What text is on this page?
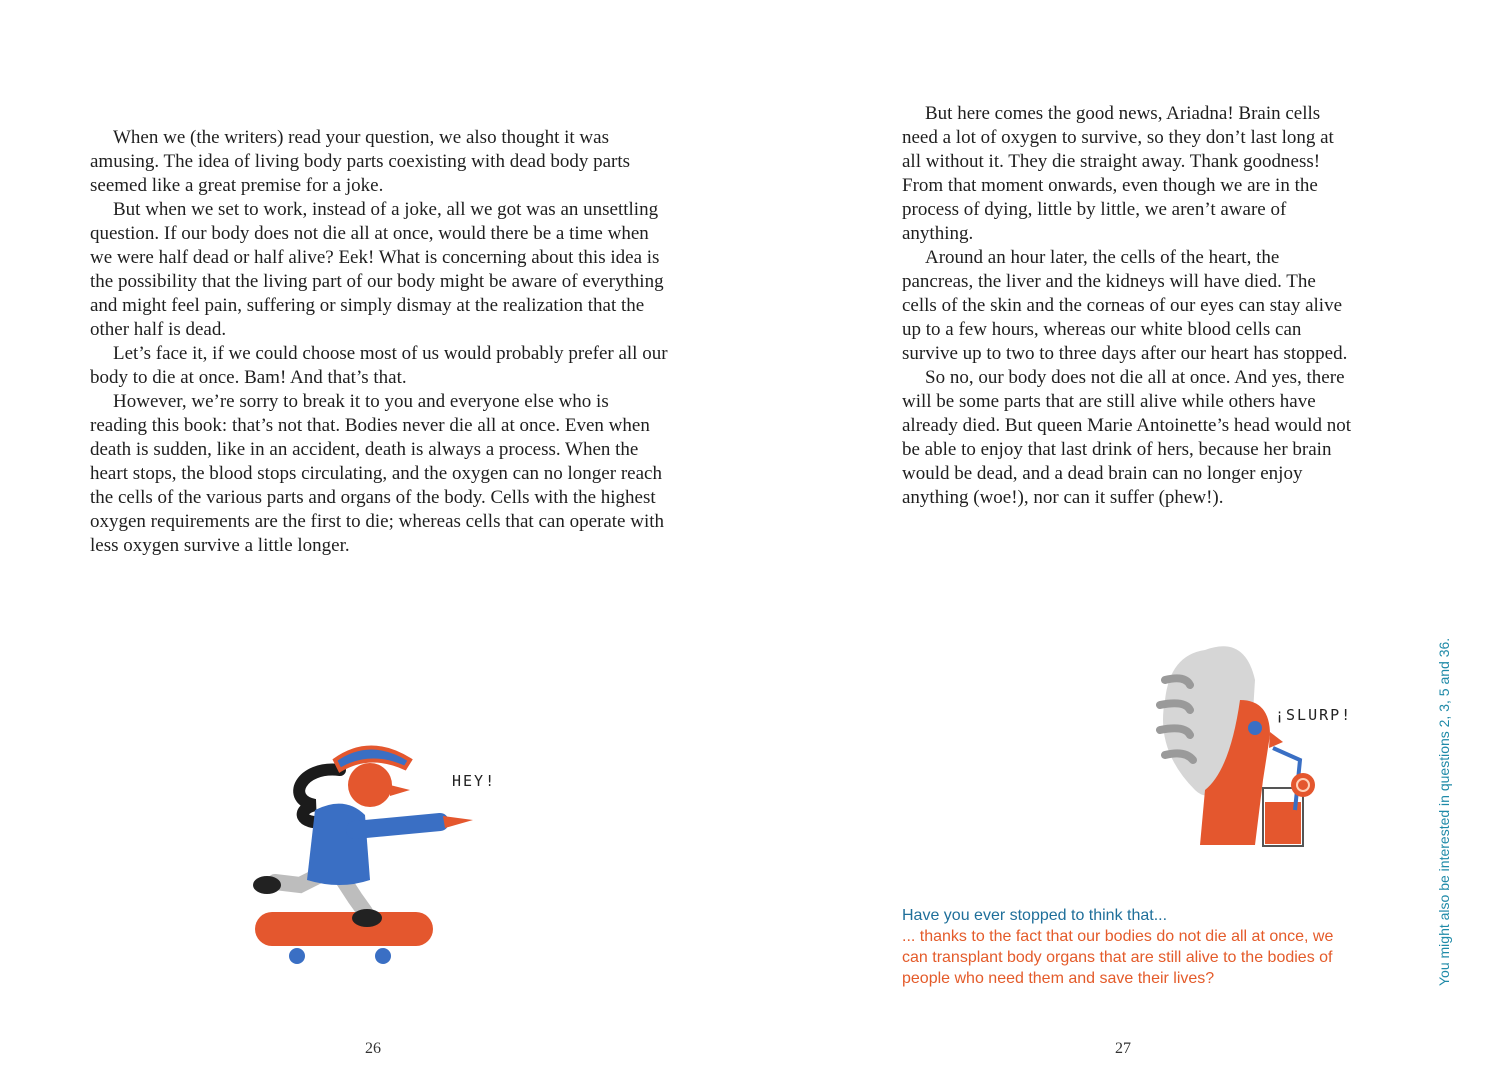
When we (the writers) read your question, we also thought it was amusing. The idea of living body parts coexisting with dead body parts seemed like a great premise for a joke.

But when we set to work, instead of a joke, all we got was an unsettling question. If our body does not die all at once, would there be a time when we were half dead or half alive? Eek! What is concerning about this idea is the possibility that the living part of our body might be aware of everything and might feel pain, suffering or simply dismay at the realization that the other half is dead.

Let’s face it, if we could choose most of us would probably prefer all our body to die at once. Bam! And that’s that.

However, we’re sorry to break it to you and everyone else who is reading this book: that’s not that. Bodies never die all at once. Even when death is sudden, like in an accident, death is always a process. When the heart stops, the blood stops circulating, and the oxygen can no longer reach the cells of the various parts and organs of the body. Cells with the highest oxygen requirements are the first to die; whereas cells that can operate with less oxygen survive a little longer.

HEY!
26

But here comes the good news, Ariadna! Brain cells need a lot of oxygen to survive, so they don’t last long at all without it. They die straight away. Thank goodness! From that moment onwards, even though we are in the process of dying, little by little, we aren’t aware of anything.

Around an hour later, the cells of the heart, the pancreas, the liver and the kidneys will have died. The cells of the skin and the corneas of our eyes can stay alive up to a few hours, whereas our white blood cells can survive up to two to three days after our heart has stopped.

So no, our body does not die all at once. And yes, there will be some parts that are still alive while others have already died. But queen Marie Antoinette’s head would not be able to enjoy that last drink of hers, because her brain would be dead, and a dead brain can no longer enjoy anything (woe!), nor can it suffer (phew!).

Have you ever stopped to think that...
... thanks to the fact that our bodies do not die all at once, we can transplant body organs that are still alive to the bodies of people who need them and save their lives?
27
¡SLURP!	You might also be interested in questions 2, 3, 5 and 36.
